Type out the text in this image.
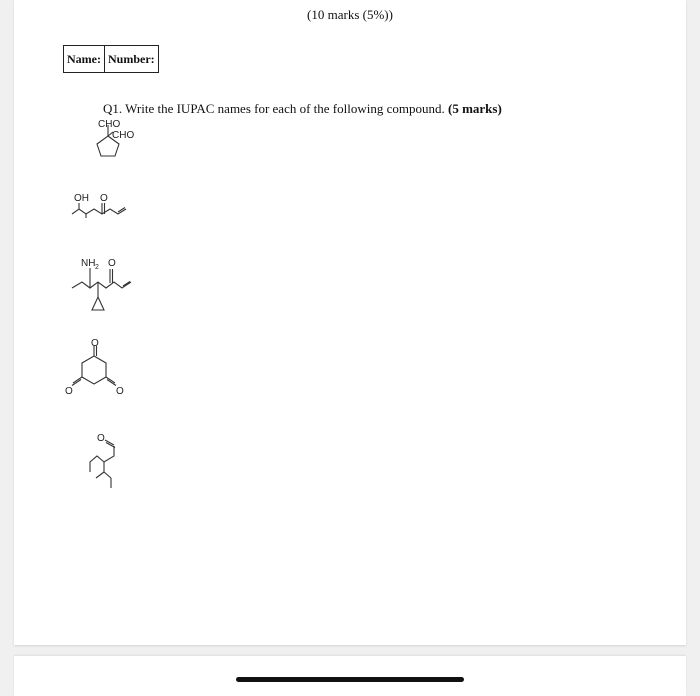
(10 marks (5%))
Name:	Number:
Q1. Write the IUPAC names for each of the following compound. (5 marks)
CHO
CHO
OH O
NH 2 O
O
O
O
O
